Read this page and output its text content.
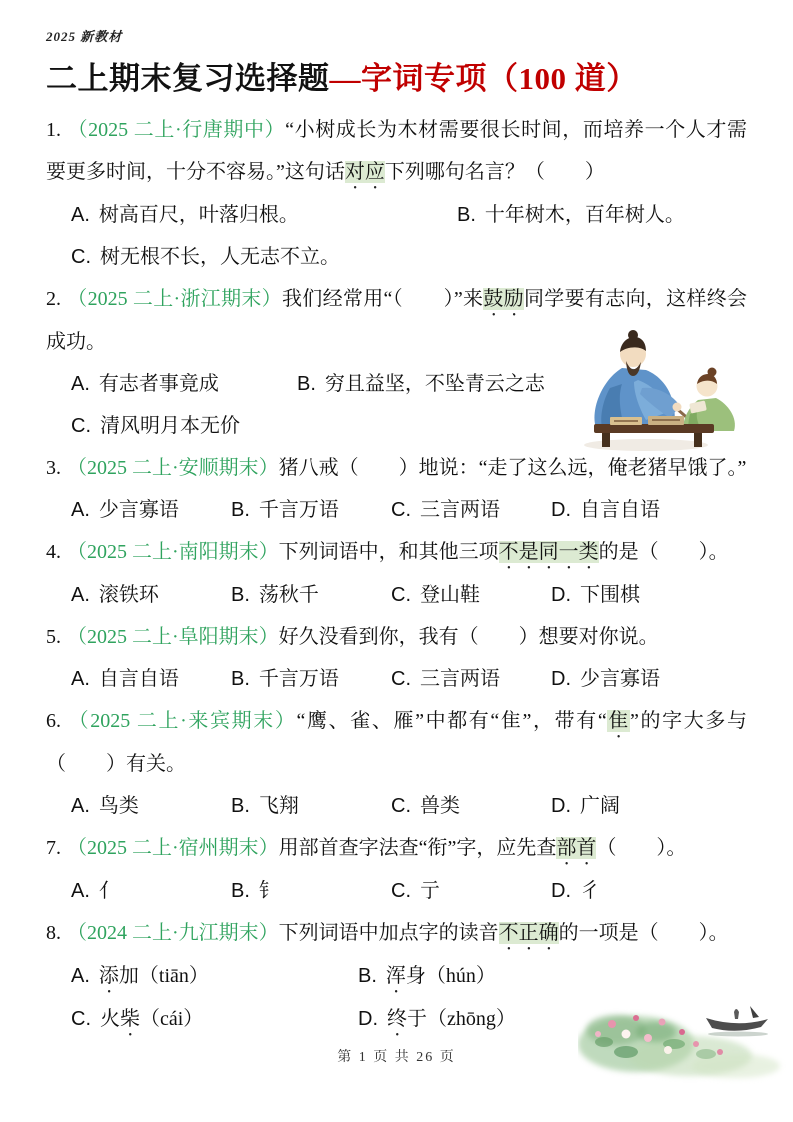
2025 新教材
二上期末复习选择题—字词专项（100 道）

1. （2025 二上·行唐期中）“小树成长为木材需要很长时间，而培养一个人才需要更多时间，十分不容易。”这句话对应下列哪句名言？（　　）

A. 树高百尺，叶落归根。	B. 十年树木，百年树人。
C. 树无根不长，人无志不立。

2. （2025 二上·浙江期末）我们经常用“（　　）”来鼓励同学要有志向，这样终会成功。

A. 有志者事竟成	B. 穷且益坚，不坠青云之志
C. 清风明月本无价

3. （2025 二上·安顺期末）猪八戒（　　）地说：“走了这么远，俺老猪早饿了。”

A. 少言寡语	B. 千言万语	C. 三言两语	D. 自言自语

4. （2025 二上·南阳期末）下列词语中，和其他三项不是同一类的是（　　）。

A. 滚铁环	B. 荡秋千	C. 登山鞋	D. 下围棋

5. （2025 二上·阜阳期末）好久没看到你，我有（　　）想要对你说。

A. 自言自语	B. 千言万语	C. 三言两语	D. 少言寡语

6. （2025 二上·来宾期末）“鹰、雀、雁”中都有“隹”，带有“隹”的字大多与（　　）有关。

A. 鸟类	B. 飞翔	C. 兽类	D. 广阔

7. （2025 二上·宿州期末）用部首查字法查“衔”字，应先查部首（　　）。

A. 亻	B. 钅	C. 亍	D. 彳

8. （2024 二上·九江期末）下列词语中加点字的读音不正确的一项是（　　）。

A. 添加（tiān）	B. 浑身（hún）
C. 火柴（cái）	D. 终于（zhōng）
第 1 页 共 26 页
